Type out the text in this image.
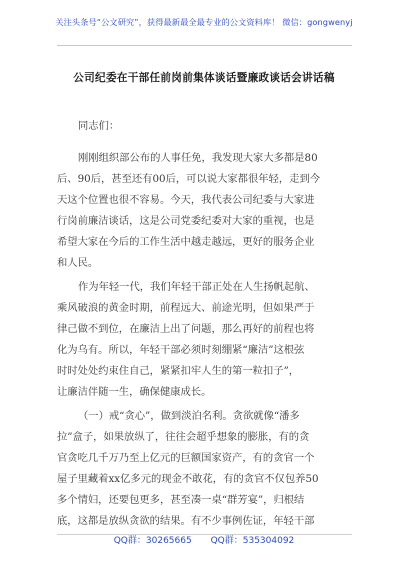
关注头条号“公文研究”，获得最新最全最专业的公文资料库！ 微信：gongwenyj
公司纪委在干部任前岗前集体谈话暨廉政谈话会讲话稿
同志们：
刚刚组织部公布的人事任免，我发现大家大多都是80
后、90后，甚至还有00后，可以说大家都很年轻，走到今
天这个位置也很不容易。今天，我代表公司纪委与大家进
行岗前廉洁谈话，这是公司党委纪委对大家的重视，也是
希望大家在今后的工作生活中越走越远，更好的服务企业
和人民。
作为年轻一代，我们年轻干部正处在人生扬帆起航、
乘风破浪的黄金时期，前程远大、前途光明，但如果严于
律己做不到位，在廉洁上出了问题，那么再好的前程也将
化为乌有。所以，年轻干部必须时刻绷紧“廉洁”这根弦
时时处处约束住自己，紧紧扣牢人生的第一粒扣子”，
让廉洁伴随一生，确保健康成长。
（一）戒“贪心”，做到淡泊名利。贪欲就像“潘多
拉”盒子，如果放纵了，往往会超乎想象的膨胀，有的贪
官贪吃几千万乃至上亿元的巨额国家资产，有的贪官一个
屋子里藏着xx亿多元的现金不敢花，有的贪官不仅包养50
多个情妇，还要包更多，甚至凑一桌“群芳宴”，归根结
底，这都是放纵贪欲的结果。有不少事例佐证，年轻干部
QQ群：30265665 QQ群：535304092
